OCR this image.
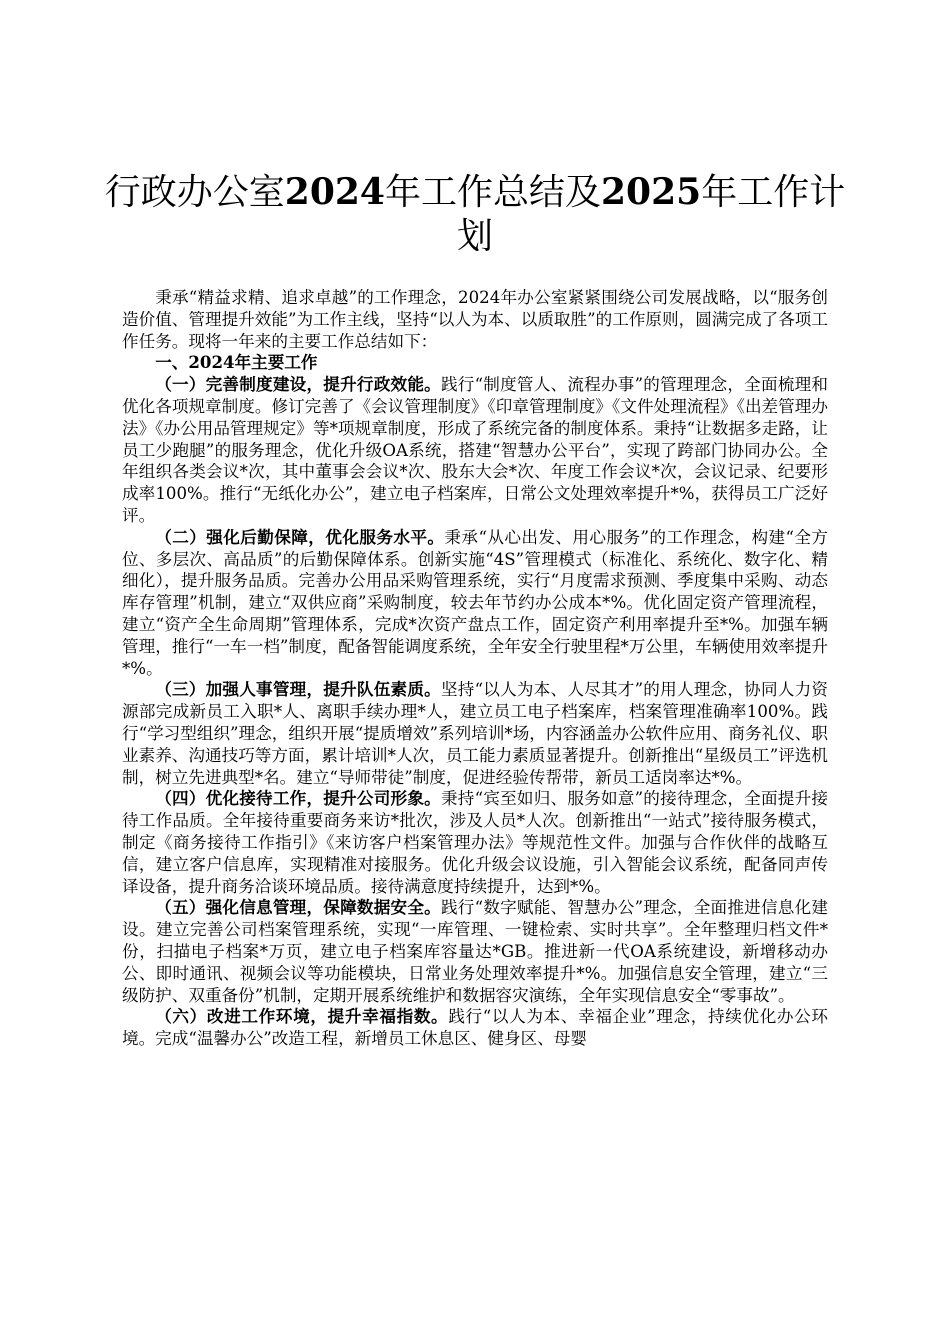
行政办公室2024年工作总结及2025年工作计划

秉承“精益求精、追求卓越”的工作理念，2024年办公室紧紧围绕公司发展战略，以“服务创造价值、管理提升效能”为工作主线，坚持“以人为本、以质取胜”的工作原则，圆满完成了各项工作任务。现将一年来的主要工作总结如下：

一、2024年主要工作

（一）完善制度建设，提升行政效能。践行“制度管人、流程办事”的管理理念，全面梳理和优化各项规章制度。修订完善了《会议管理制度》《印章管理制度》《文件处理流程》《出差管理办法》《办公用品管理规定》等*项规章制度，形成了系统完备的制度体系。秉持“让数据多走路，让员工少跑腿”的服务理念，优化升级OA系统，搭建“智慧办公平台”，实现了跨部门协同办公。全年组织各类会议*次，其中董事会会议*次、股东大会*次、年度工作会议*次，会议记录、纪要形成率100%。推行“无纸化办公”，建立电子档案库，日常公文处理效率提升*%，获得员工广泛好评。

（二）强化后勤保障，优化服务水平。秉承“从心出发、用心服务”的工作理念，构建“全方位、多层次、高品质”的后勤保障体系。创新实施“4S”管理模式（标准化、系统化、数字化、精细化），提升服务品质。完善办公用品采购管理系统，实行“月度需求预测、季度集中采购、动态库存管理”机制，建立“双供应商”采购制度，较去年节约办公成本*%。优化固定资产管理流程，建立“资产全生命周期”管理体系，完成*次资产盘点工作，固定资产利用率提升至*%。加强车辆管理，推行“一车一档”制度，配备智能调度系统，全年安全行驶里程*万公里，车辆使用效率提升*%。

（三）加强人事管理，提升队伍素质。坚持“以人为本、人尽其才”的用人理念，协同人力资源部完成新员工入职*人、离职手续办理*人，建立员工电子档案库，档案管理准确率100%。践行“学习型组织”理念，组织开展“提质增效”系列培训*场，内容涵盖办公软件应用、商务礼仪、职业素养、沟通技巧等方面，累计培训*人次，员工能力素质显著提升。创新推出“星级员工”评选机制，树立先进典型*名。建立“导师带徒”制度，促进经验传帮带，新员工适岗率达*%。

（四）优化接待工作，提升公司形象。秉持“宾至如归、服务如意”的接待理念，全面提升接待工作品质。全年接待重要商务来访*批次，涉及人员*人次。创新推出“一站式”接待服务模式，制定《商务接待工作指引》《来访客户档案管理办法》等规范性文件。加强与合作伙伴的战略互信，建立客户信息库，实现精准对接服务。优化升级会议设施，引入智能会议系统，配备同声传译设备，提升商务洽谈环境品质。接待满意度持续提升，达到*%。

（五）强化信息管理，保障数据安全。践行“数字赋能、智慧办公”理念，全面推进信息化建设。建立完善公司档案管理系统，实现“一库管理、一键检索、实时共享”。全年整理归档文件*份，扫描电子档案*万页，建立电子档案库容量达*GB。推进新一代OA系统建设，新增移动办公、即时通讯、视频会议等功能模块，日常业务处理效率提升*%。加强信息安全管理，建立“三级防护、双重备份”机制，定期开展系统维护和数据容灾演练，全年实现信息安全“零事故”。

（六）改进工作环境，提升幸福指数。践行“以人为本、幸福企业”理念，持续优化办公环境。完成“温馨办公”改造工程，新增员工休息区、健身区、母婴
